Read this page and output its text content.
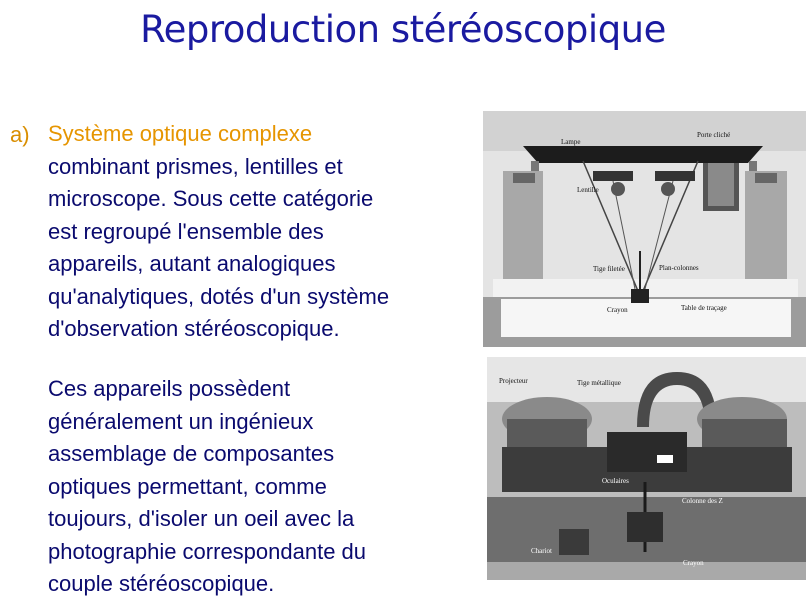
Reproduction stéréoscopique
a) Système optique complexe
combinant prismes, lentilles et
microscope. Sous cette catégorie
est regroupé l'ensemble des
appareils, autant analogiques
qu'analytiques, dotés d'un système
d'observation stéréoscopique.
Ces appareils possèdent
généralement un ingénieux
assemblage de composantes
optiques permettant, comme
toujours, d'isoler un oeil avec la
photographie correspondante du
couple stéréoscopique.
Lampe
Porte cliché
Lentille
Tige filetée	Plan-colonnes
Crayon	Table de traçage
Projecteur	Tige métallique
Oculaires
Colonne des Z
Chariot
Crayon
